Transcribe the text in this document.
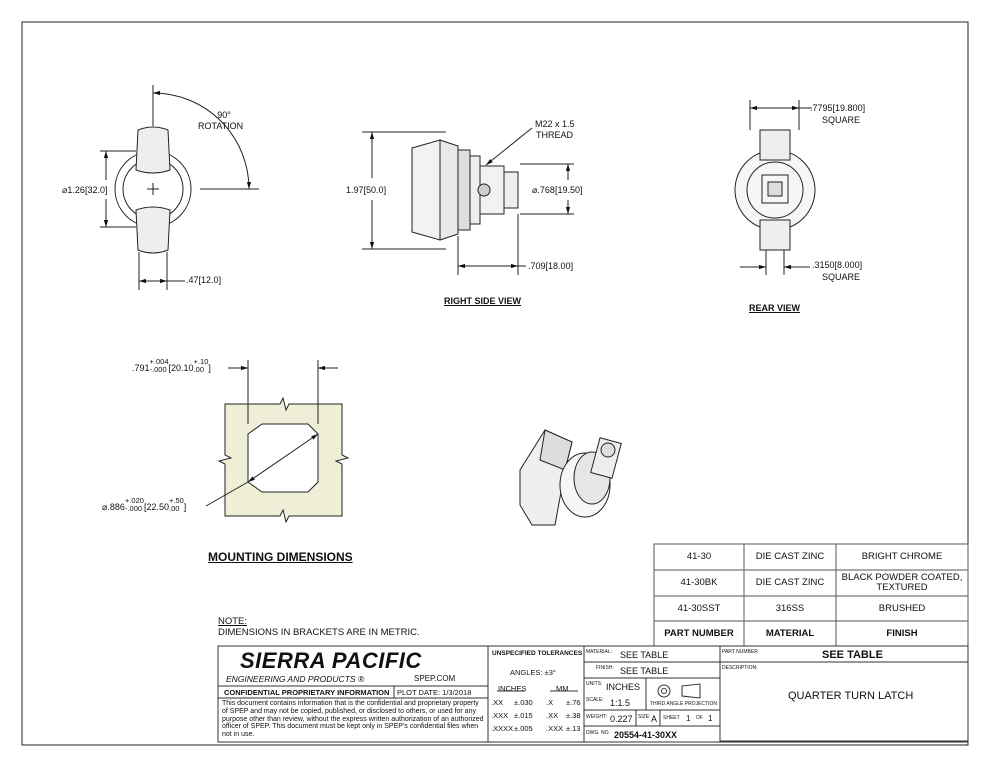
90°
ROTATION
⌀1.26[32.0]
.47[12.0]
M22 x 1.5
THREAD
1.97[50.0]	⌀.768[19.50]
.709[18.00]
RIGHT SIDE VIEW
.7795[19.800]
SQUARE
.3150[8.000]
SQUARE
REAR VIEW
.791+.004
-.000 [20.10+.10
.00 ]
⌀.886+.020
-.000 [22.50+.50
.00 ]
MOUNTING DIMENSIONS
NOTE:
DIMENSIONS IN BRACKETS ARE IN METRIC.
41-30	DIE CAST ZINC	BRIGHT CHROME
41-30BK	DIE CAST ZINC	BLACK POWDER COATED, TEXTURED
41-30SST	316SS	BRUSHED
PART NUMBER	MATERIAL	FINISH
SIERRA PACIFIC
ENGINEERING AND PRODUCTS ®	SPEP.COM
CONFIDENTIAL PROPRIETARY INFORMATION PLOT DATE: 1/3/2018
This document contains information that is the confidential and proprietary property of SPEP and may not be copied, published, or disclosed to others, or used for any purpose other than review, without the express written authorization of an authorized officer of SPEP. This document must be kept only in SPEP's confidential files when not in use.
UNSPECIFIED TOLERANCES
ANGLES: ±3°
INCHES	MM
.XX ±.030 .X ±.76
.XXX ±.015 .XX ±.38
.XXXX ±.005 .XXX ±.13
MATERIAL: SEE TABLE
FINISH: SEE TABLE
UNITS: INCHES
THIRD ANGLE PROJECTION
SCALE: 1:1.5
WEIGHT: 0.227 SIZE: A SHEET 1 OF 1
DWG. NO. 20554-41-30XX
PART NUMBER	SEE TABLE
DESCRIPTION:
QUARTER TURN LATCH
